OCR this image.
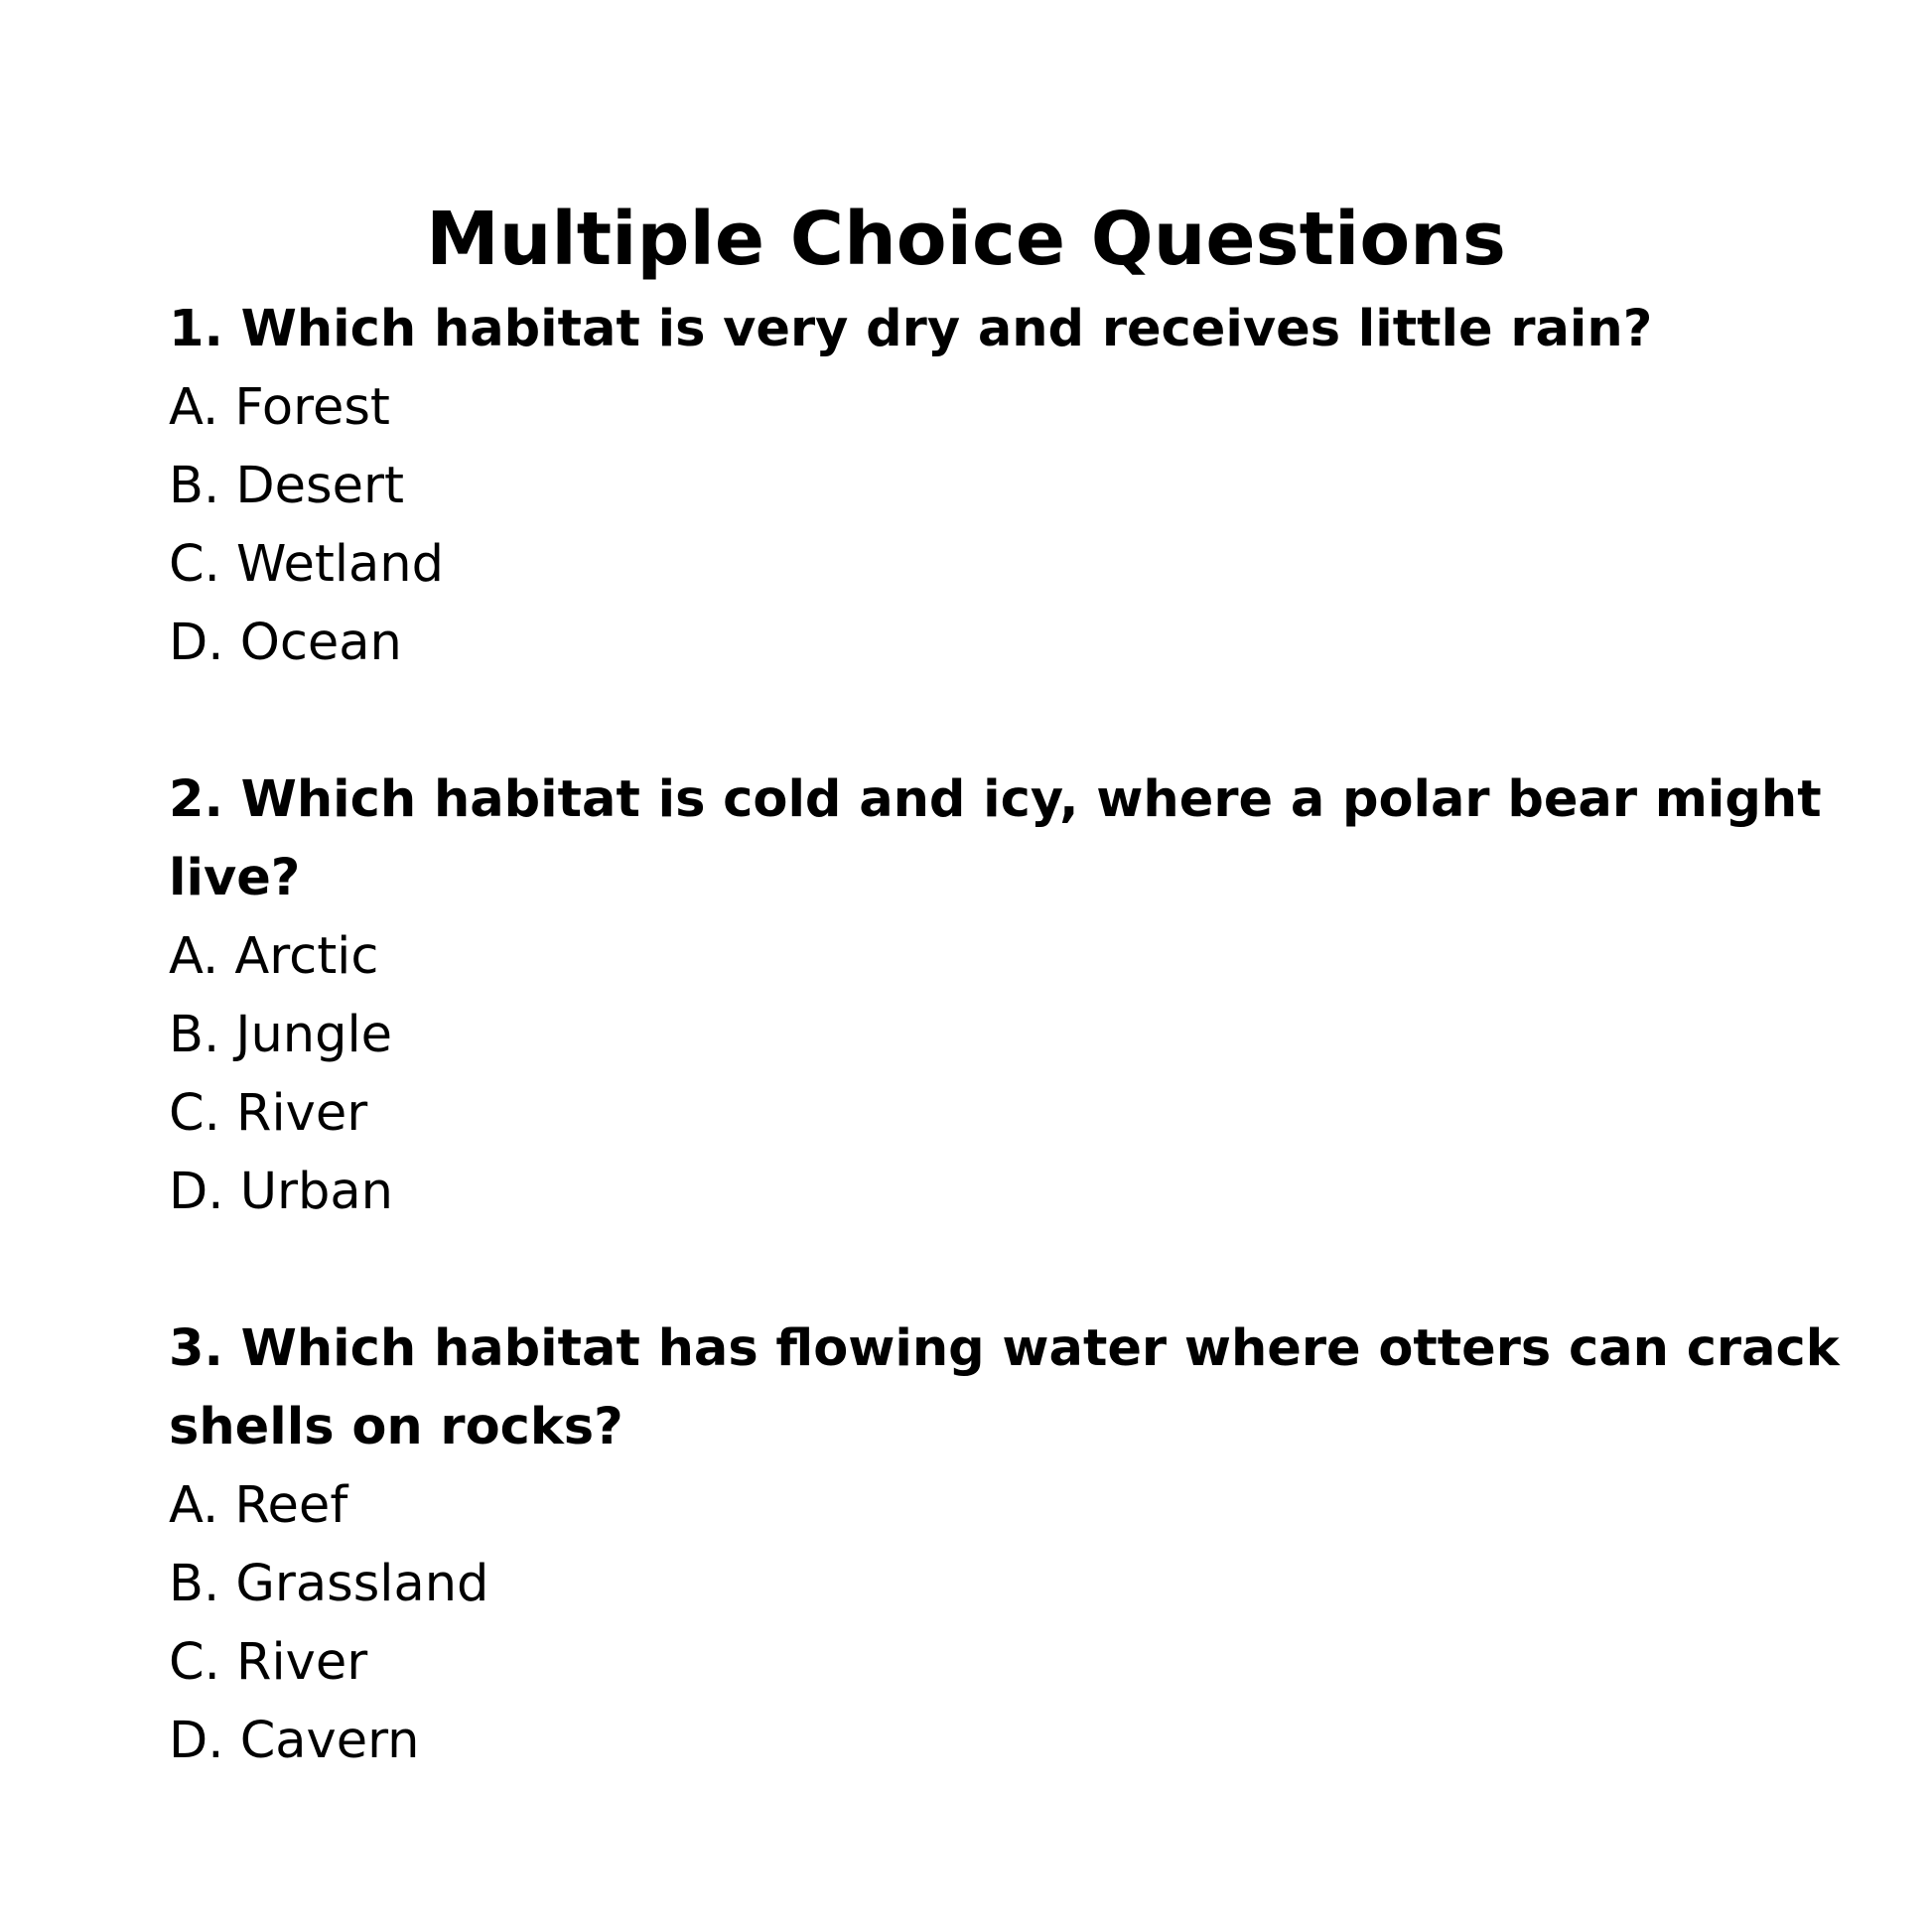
Multiple Choice Questions

1. Which habitat is very dry and receives little rain?

A. Forest

B. Desert

C. Wetland

D. Ocean

2. Which habitat is cold and icy, where a polar bear might

live?

A. Arctic

B. Jungle

C. River

D. Urban

3. Which habitat has flowing water where otters can crack

shells on rocks?

A. Reef

B. Grassland

C. River

D. Cavern
